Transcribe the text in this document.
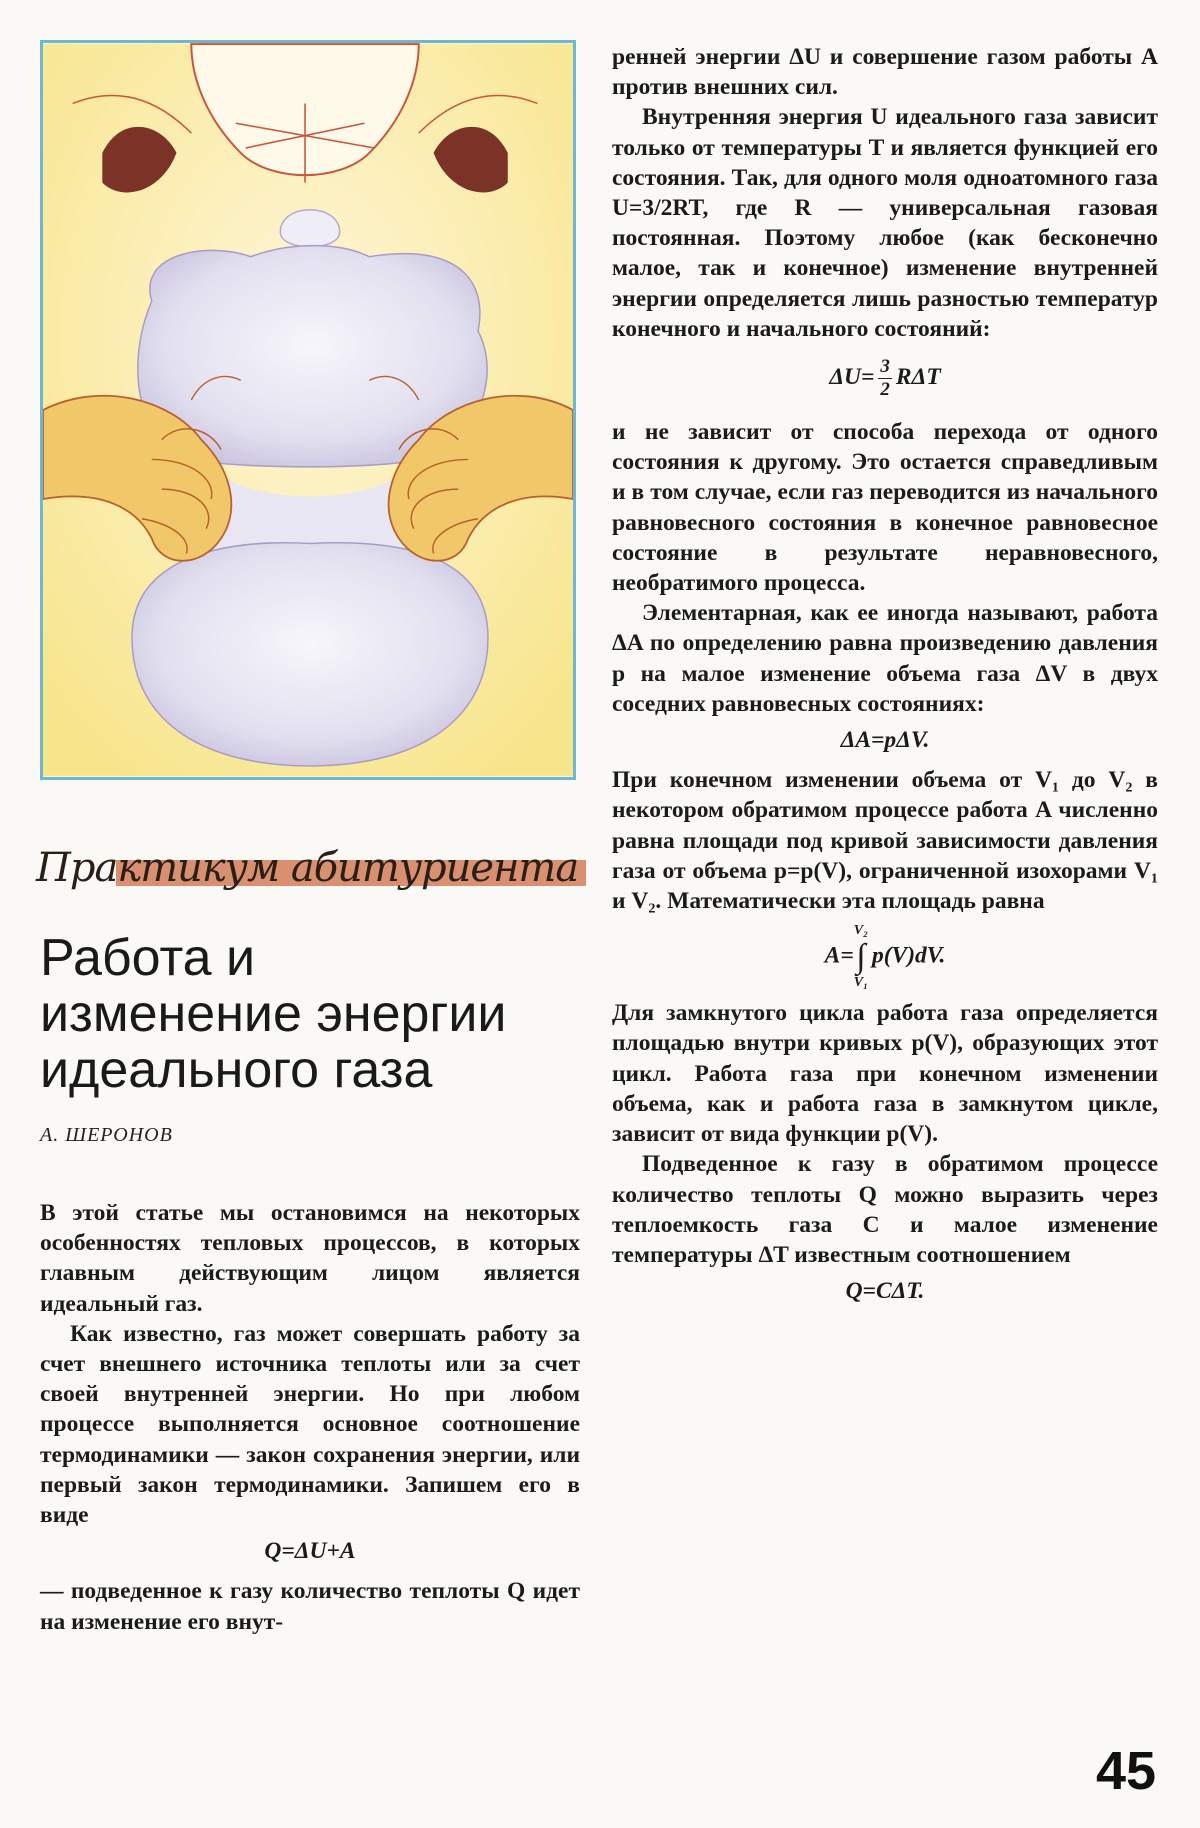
Практикум абитуриента
Работа и
изменение энергии
идеального газа
А. ШЕРОНОВ

В этой статье мы остановимся на некоторых особенностях тепловых процессов, в которых главным действующим лицом является идеальный газ.

Как известно, газ может совершать работу за счет внешнего источника теплоты или за счет своей внутренней энергии. Но при любом процессе выполняется основное соотношение термодинамики — закон сохранения энергии, или первый закон термодинамики. Запишем его в виде

Q=ΔU+A

— подведенное к газу количество теплоты Q идет на изменение его внут-

ренней энергии ΔU и совершение газом работы A против внешних сил.

Внутренняя энергия U идеального газа зависит только от температуры T и является функцией его состояния. Так, для одного моля одноатомного газа U=3/2RT, где R — универсальная газовая постоянная. Поэтому любое (как бесконечно малое, так и конечное) изменение внутренней энергии определяется лишь разностью температур конечного и начального состояний:

$\Delta U= \frac{3}{2}$ RΔT

и не зависит от способа перехода от одного состояния к другому. Это остается справедливым и в том случае, если газ переводится из начального равновесного состояния в конечное равновесное состояние в результате неравновесного, необратимого процесса.

Элементарная, как ее иногда называют, работа ΔA по определению равна произведению давления p на малое изменение объема газа ΔV в двух соседних равновесных состояниях:

ΔA=pΔV.

При конечном изменении объема от V₁ до V₂ в некотором обратимом процессе работа A численно равна площади под кривой зависимости давления газа от объема p=p(V), ограниченной изохорами V₁ и V₂. Математически эта площадь равна

A=V₂
∫
V₁p(V)dV.

Для замкнутого цикла работа газа определяется площадью внутри кривых p(V), образующих этот цикл. Работа газа при конечном изменении объема, как и работа газа в замкнутом цикле, зависит от вида функции p(V).

Подведенное к газу в обратимом процессе количество теплоты Q можно выразить через теплоемкость газа C и малое изменение температуры ΔT известным соотношением

Q=CΔT.
45
